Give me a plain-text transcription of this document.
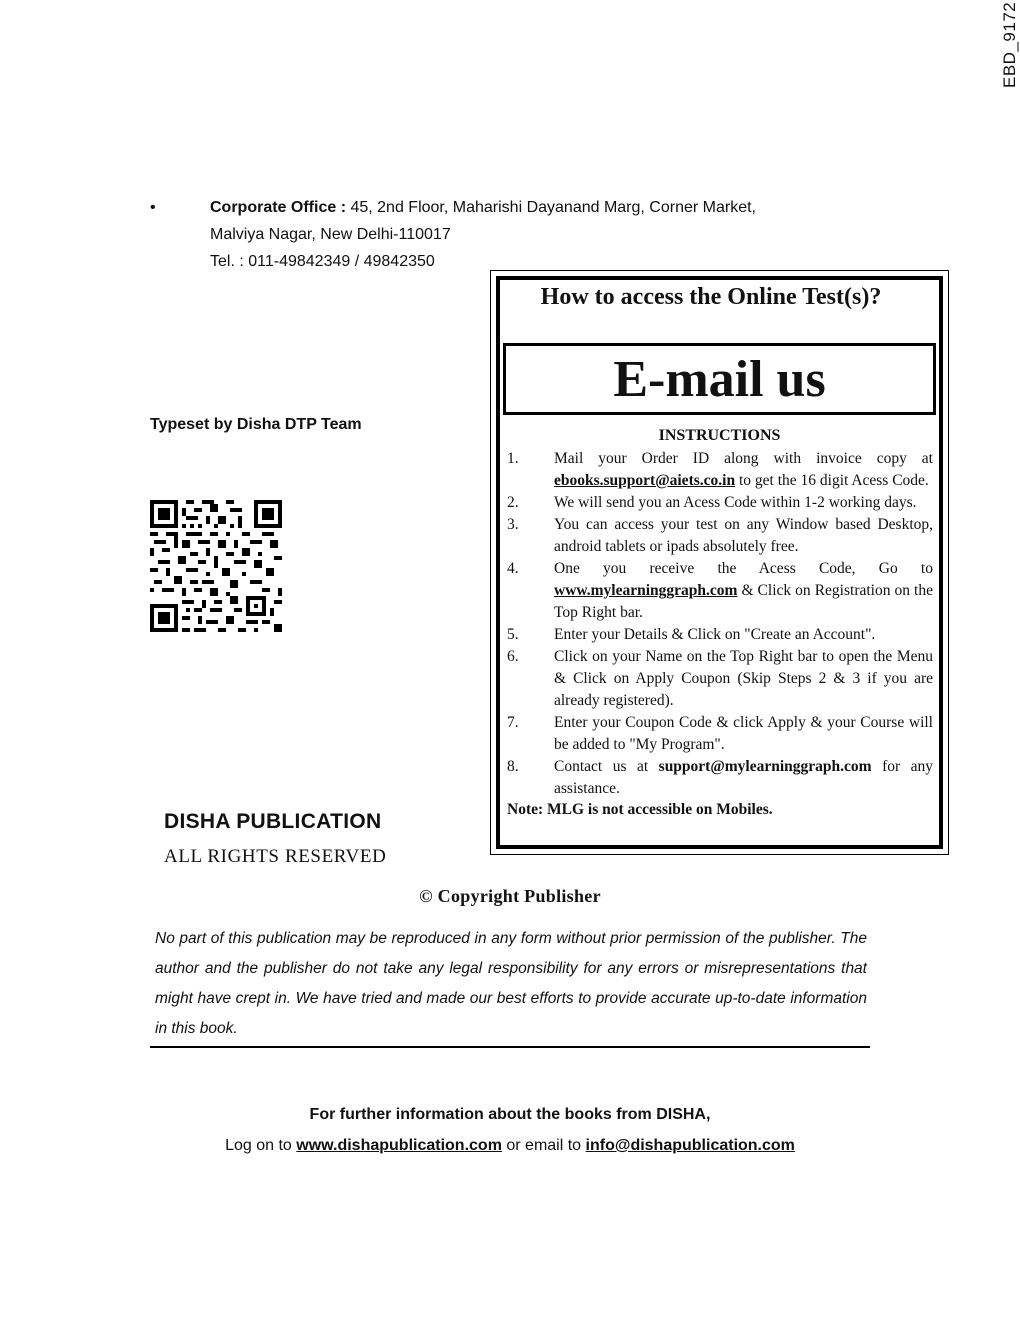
EBD_9172
•	Corporate Office : 45, 2nd Floor, Maharishi Dayanand Marg, Corner Market,
Malviya Nagar, New Delhi-110017
Tel. : 011-49842349 / 49842350
Typeset by Disha DTP Team
DISHA PUBLICATION
ALL RIGHTS RESERVED
How to access the Online Test(s)?
E-mail us
INSTRUCTIONS
1. Mail your Order ID along with invoice copy at ebooks.support@aiets.co.in to get the 16 digit Acess Code.
2. We will send you an Acess Code within 1-2 working days.
3. You can access your test on any Window based Desktop, android tablets or ipads absolutely free.
4. One you receive the Acess Code, Go to www.mylearninggraph.com & Click on Registration on the Top Right bar.
5. Enter your Details & Click on "Create an Account".
6. Click on your Name on the Top Right bar to open the Menu & Click on Apply Coupon (Skip Steps 2 & 3 if you are already registered).
7. Enter your Coupon Code & click Apply & your Course will be added to "My Program".
8. Contact us at support@mylearninggraph.com for any assistance.
Note: MLG is not accessible on Mobiles.
© Copyright Publisher
No part of this publication may be reproduced in any form without prior permission of the publisher. The author and the publisher do not take any legal responsibility for any errors or misrepresentations that might have crept in. We have tried and made our best efforts to provide accurate up-to-date information in this book.
For further information about the books from DISHA,
Log on to www.dishapublication.com or email to info@dishapublication.com
